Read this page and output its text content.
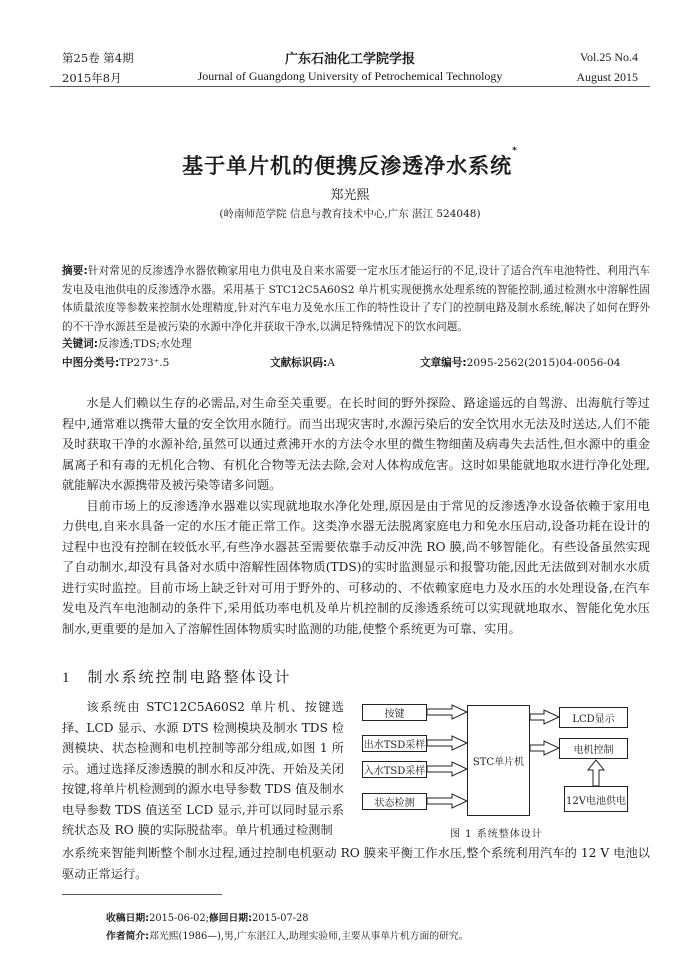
第25卷 第4期
2015年8月
广东石油化工学院学报
Journal of Guangdong University of Petrochemical Technology
Vol.25 No.4
August 2015
基于单片机的便携反渗透净水系统*
郑光熙
(岭南师范学院 信息与教育技术中心,广东 湛江 524048)
摘要:针对常见的反渗透净水器依赖家用电力供电及自来水需要一定水压才能运行的不足,设计了适合汽车电池特性、利用汽车发电及电池供电的反渗透净水器。采用基于 STC12C5A60S2 单片机实现便携水处理系统的智能控制,通过检测水中溶解性固体质量浓度等参数来控制水处理精度,针对汽车电力及免水压工作的特性设计了专门的控制电路及制水系统,解决了如何在野外的不干净水源甚至是被污染的水源中净化并获取干净水,以满足特殊情况下的饮水问题。
关键词:反渗透;TDS;水处理
中图分类号:TP273⁺.5	文献标识码:A	文章编号:2095-2562(2015)04-0056-04

水是人们赖以生存的必需品,对生命至关重要。在长时间的野外探险、路途遥远的自驾游、出海航行等过程中,通常难以携带大量的安全饮用水随行。而当出现灾害时,水源污染后的安全饮用水无法及时送达,人们不能及时获取干净的水源补给,虽然可以通过煮沸开水的方法令水里的微生物细菌及病毒失去活性,但水源中的重金属离子和有毒的无机化合物、有机化合物等无法去除,会对人体构成危害。这时如果能就地取水进行净化处理,就能解决水源携带及被污染等诸多问题。

目前市场上的反渗透净水器难以实现就地取水净化处理,原因是由于常见的反渗透净水设备依赖于家用电力供电,自来水具备一定的水压才能正常工作。这类净水器无法脱离家庭电力和免水压启动,设备功耗在设计的过程中也没有控制在较低水平,有些净水器甚至需要依靠手动反冲洗 RO 膜,尚不够智能化。有些设备虽然实现了自动制水,却没有具备对水质中溶解性固体物质(TDS)的实时监测显示和报警功能,因此无法做到对制水水质进行实时监控。目前市场上缺乏针对可用于野外的、可移动的、不依赖家庭电力及水压的水处理设备,在汽车发电及汽车电池制动的条件下,采用低功率电机及单片机控制的反渗透系统可以实现就地取水、智能化免水压制水,更重要的是加入了溶解性固体物质实时监测的功能,使整个系统更为可靠、实用。

1 制水系统控制电路整体设计

该系统由 STC12C5A60S2 单片机、按键选择、LCD 显示、水源 DTS 检测模块及制水 TDS 检测模块、状态检测和电机控制等部分组成,如图 1 所示。通过选择反渗透膜的制水和反冲洗、开始及关闭按键,将单片机检测到的源水电导参数 TDS 值及制水电导参数 TDS 值送至 LCD 显示,并可以同时显示系统状态及 RO 膜的实际脱盐率。单片机通过检测制

按键
出水TSD采样
入水TSD采样
状态检测
STC单片机
LCD显示
电机控制
12V电池供电
图 1 系统整体设计
水系统来智能判断整个制水过程,通过控制电机驱动 RO 膜来平衡工作水压,整个系统利用汽车的 12 V 电池以驱动正常运行。
收稿日期:2015-06-02;修回日期:2015-07-28
作者简介:郑光熙(1986—),男,广东湛江人,助理实验师,主要从事单片机方面的研究。
